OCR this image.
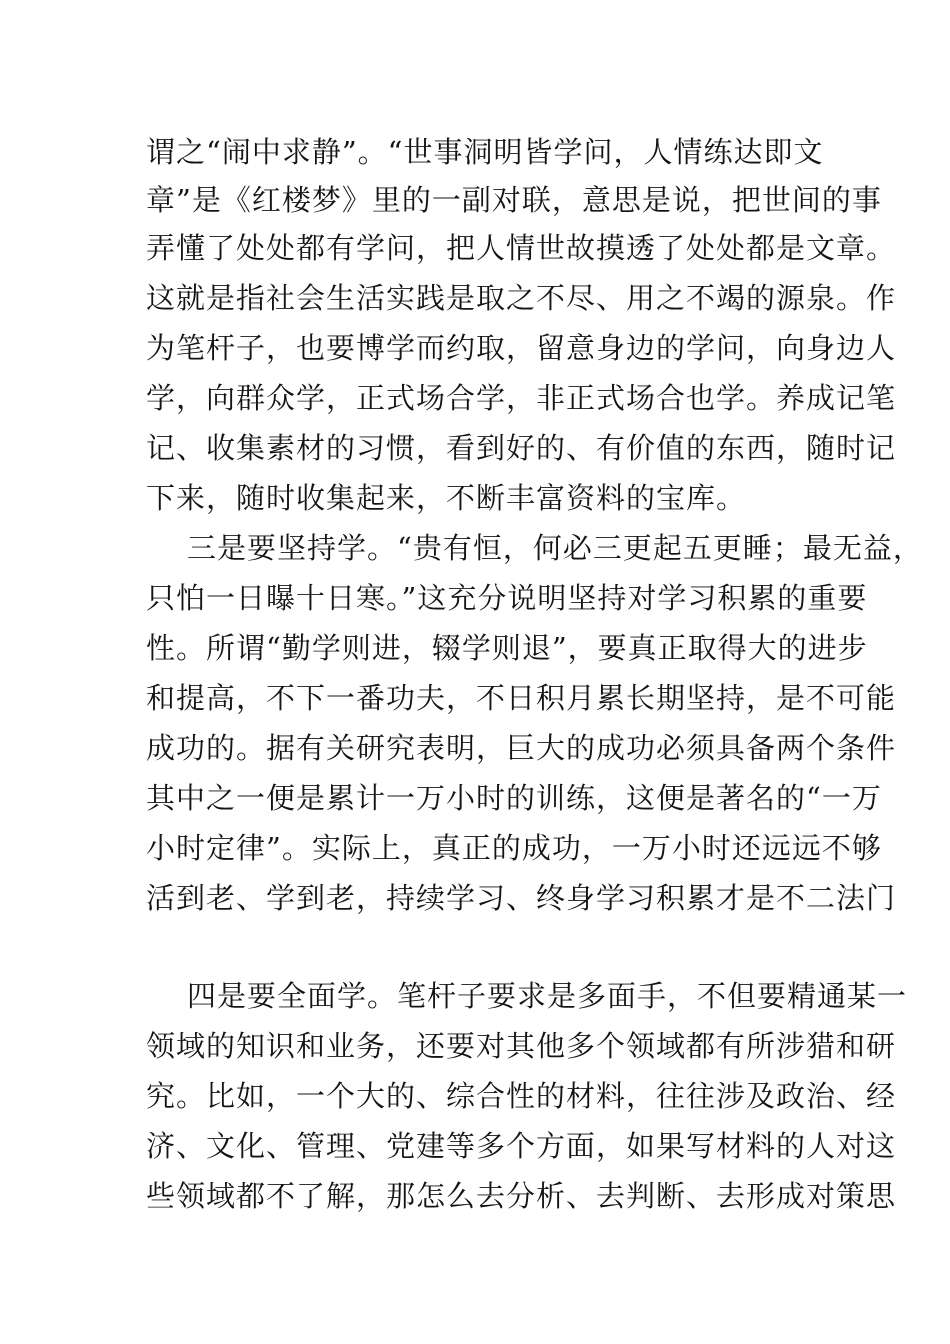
谓之“闹中求静”。“世事洞明皆学问，人情练达即文
章”是《红楼梦》里的一副对联，意思是说，把世间的事
弄懂了处处都有学问，把人情世故摸透了处处都是文章。
这就是指社会生活实践是取之不尽、用之不竭的源泉。作
为笔杆子，也要博学而约取，留意身边的学问，向身边人
学，向群众学，正式场合学，非正式场合也学。养成记笔
记、收集素材的习惯，看到好的、有价值的东西，随时记
下来，随时收集起来，不断丰富资料的宝库。
三是要坚持学。“贵有恒，何必三更起五更睡；最无益，
只怕一日曝十日寒。”这充分说明坚持对学习积累的重要
性。所谓“勤学则进，辍学则退”，要真正取得大的进步
和提高，不下一番功夫，不日积月累长期坚持，是不可能
成功的。据有关研究表明，巨大的成功必须具备两个条件
其中之一便是累计一万小时的训练，这便是著名的“一万
小时定律”。实际上，真正的成功，一万小时还远远不够
活到老、学到老，持续学习、终身学习积累才是不二法门
四是要全面学。笔杆子要求是多面手，不但要精通某一
领域的知识和业务，还要对其他多个领域都有所涉猎和研
究。比如，一个大的、综合性的材料，往往涉及政治、经
济、文化、管理、党建等多个方面，如果写材料的人对这
些领域都不了解，那怎么去分析、去判断、去形成对策思
